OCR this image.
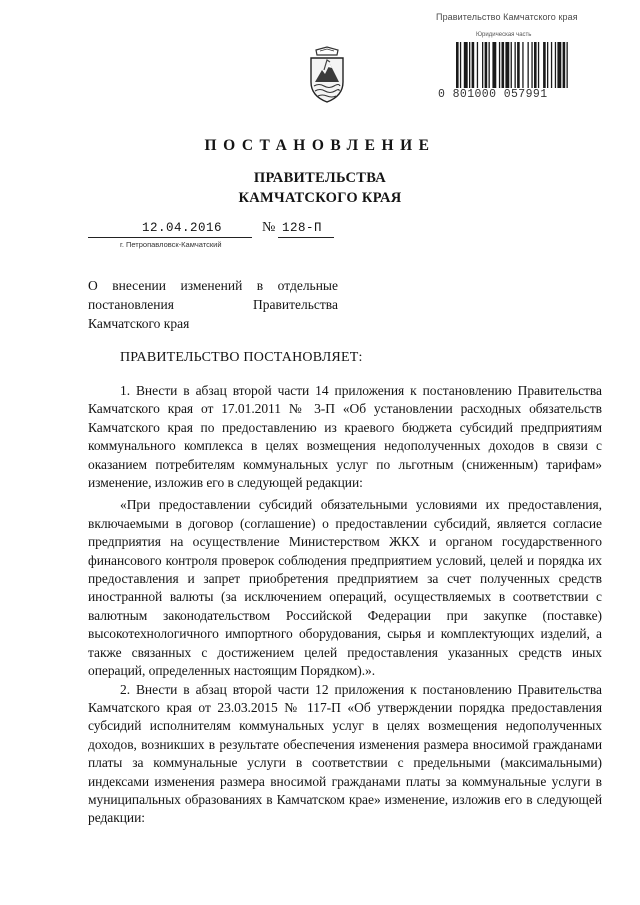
Правительство Камчатского края
Юридическая часть
0 801000 057991
ПОСТАНОВЛЕНИЕ
ПРАВИТЕЛЬСТВА
КАМЧАТСКОГО КРАЯ
12.04.2016	№ 128-П
г. Петропавловск-Камчатский

О внесении изменений в отдельные постановления Правительства Камчатского края

ПРАВИТЕЛЬСТВО ПОСТАНОВЛЯЕТ:

1. Внести в абзац второй части 14 приложения к постановлению Правительства Камчатского края от 17.01.2011 № 3-П «Об установлении расходных обязательств Камчатского края по предоставлению из краевого бюджета субсидий предприятиям коммунального комплекса в целях возмещения недополученных доходов в связи с оказанием потребителям коммунальных услуг по льготным (сниженным) тарифам» изменение, изложив его в следующей редакции:

«При предоставлении субсидий обязательными условиями их предоставления, включаемыми в договор (соглашение) о предоставлении субсидий, является согласие предприятия на осуществление Министерством ЖКХ и органом государственного финансового контроля проверок соблюдения предприятием условий, целей и порядка их предоставления и запрет приобретения предприятием за счет полученных средств иностранной валюты (за исключением операций, осуществляемых в соответствии с валютным законодательством Российской Федерации при закупке (поставке) высокотехнологичного импортного оборудования, сырья и комплектующих изделий, а также связанных с достижением целей предоставления указанных средств иных операций, определенных настоящим Порядком).».

2. Внести в абзац второй части 12 приложения к постановлению Правительства Камчатского края от 23.03.2015 № 117-П «Об утверждении порядка предоставления субсидий исполнителям коммунальных услуг в целях возмещения недополученных доходов, возникших в результате обеспечения изменения размера вносимой гражданами платы за коммунальные услуги в соответствии с предельными (максимальными) индексами изменения размера вносимой гражданами платы за коммунальные услуги в муниципальных образованиях в Камчатском крае» изменение, изложив его в следующей редакции:
